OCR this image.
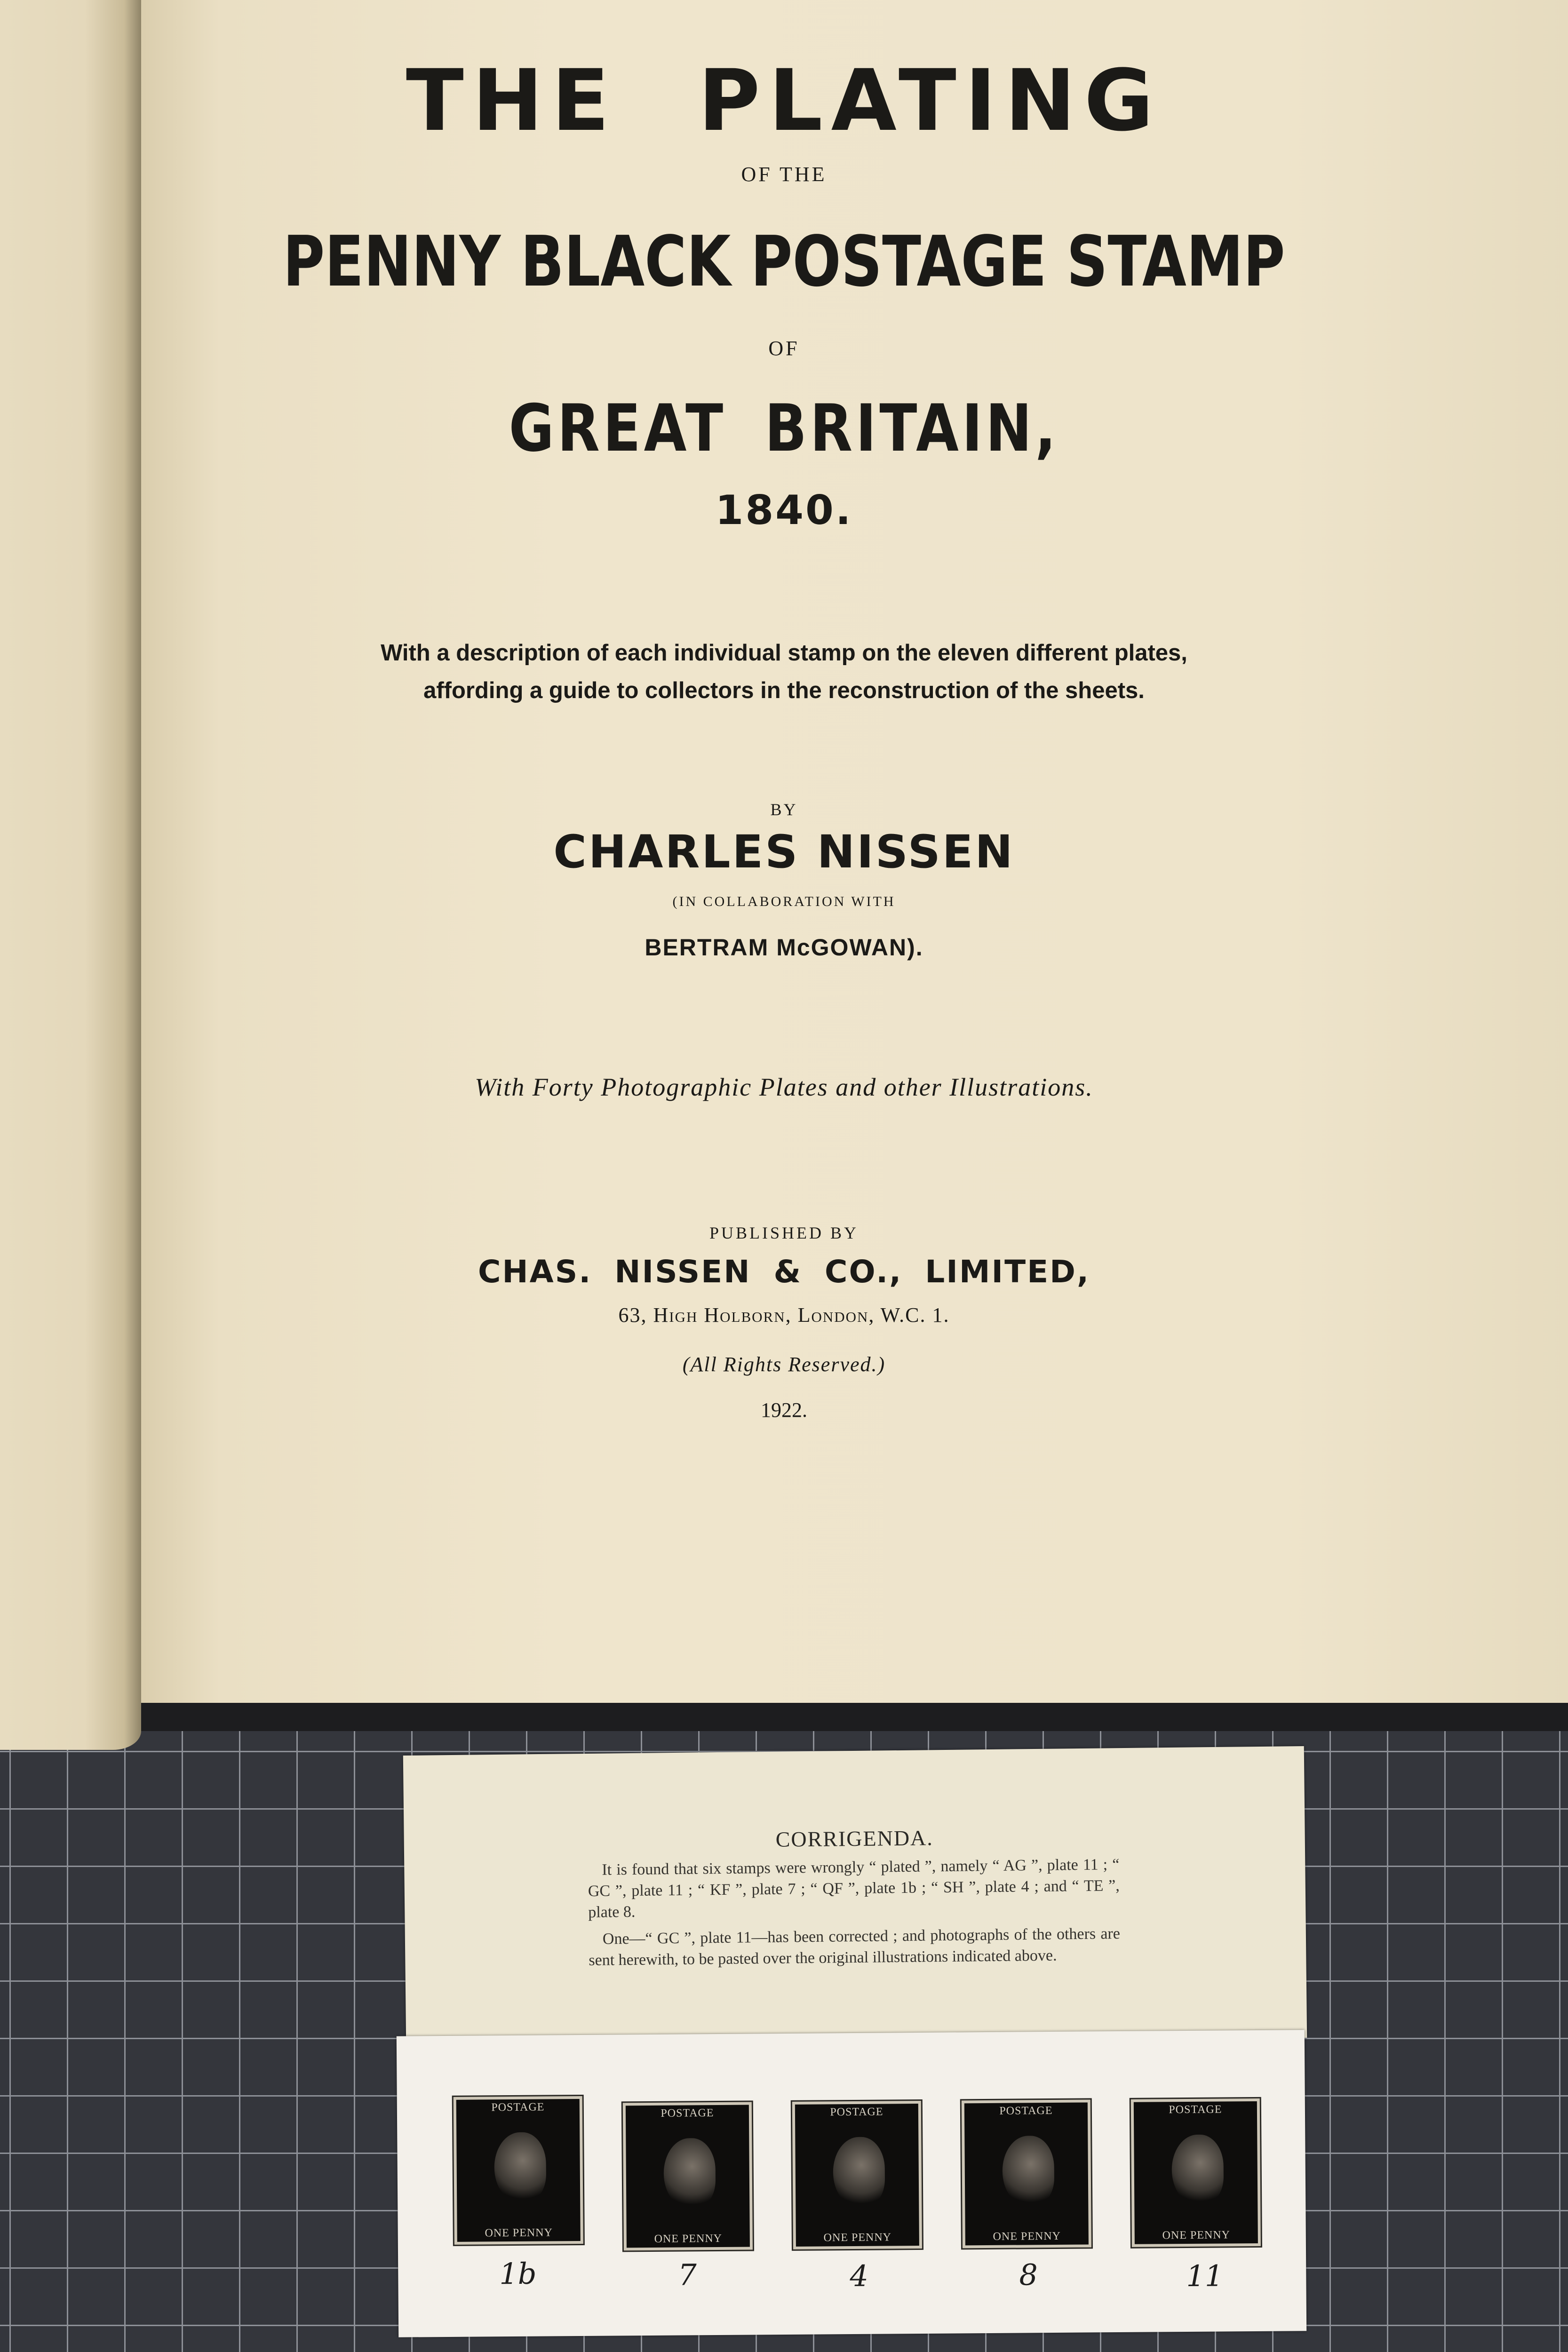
THE PLATING
OF THE
PENNY BLACK POSTAGE STAMP
OF
GREAT BRITAIN,
1840.
With a description of each individual stamp on the eleven different plates,
affording a guide to collectors in the reconstruction of the sheets.
BY
CHARLES NISSEN
(IN COLLABORATION WITH
BERTRAM McGOWAN).
With Forty Photographic Plates and other Illustrations.
PUBLISHED BY
CHAS. NISSEN & CO., LIMITED,
63, High Holborn, London, W.C. 1.
(All Rights Reserved.)
1922.
CORRIGENDA.

It is found that six stamps were wrongly “ plated ”, namely “ AG ”, plate 11 ; “ GC ”, plate 11 ; “ KF ”, plate 7 ; “ QF ”, plate 1b ; “ SH ”, plate 4 ; and “ TE ”, plate 8.

One—“ GC ”, plate 11—has been corrected ; and photographs of the others are sent herewith, to be pasted over the original illustrations indicated above.

POSTAGE
ONE PENNY
1b
POSTAGE
ONE PENNY
7
POSTAGE
ONE PENNY
4
POSTAGE
ONE PENNY
8
POSTAGE
ONE PENNY
11
